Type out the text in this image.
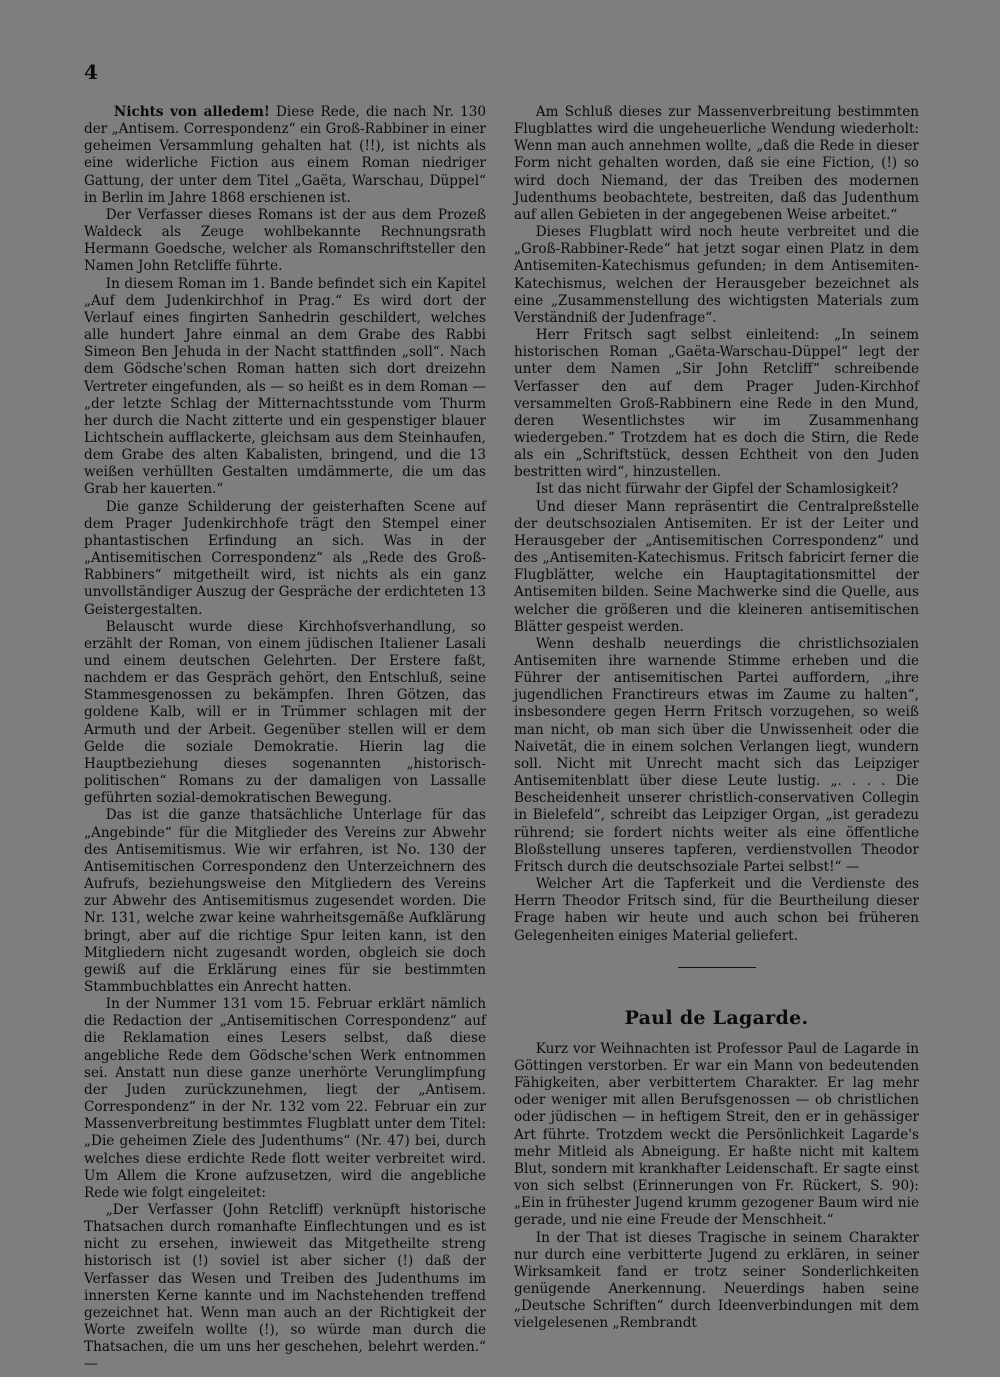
4

Nichts von alledem! Diese Rede, die nach Nr. 130 der „Antisem. Correspondenz“ ein Groß-Rabbiner in einer geheimen Versammlung gehalten hat (!!), ist nichts als eine widerliche Fiction aus einem Roman niedriger Gattung, der unter dem Titel „Gaëta, Warschau, Düppel“ in Berlin im Jahre 1868 erschienen ist.

Der Verfasser dieses Romans ist der aus dem Prozeß Waldeck als Zeuge wohlbekannte Rechnungsrath Hermann Goedsche, welcher als Romanschriftsteller den Namen John Retcliffe führte.

In diesem Roman im 1. Bande befindet sich ein Kapitel „Auf dem Judenkirchhof in Prag.“ Es wird dort der Verlauf eines fingirten Sanhedrin geschildert, welches alle hundert Jahre einmal an dem Grabe des Rabbi Simeon Ben Jehuda in der Nacht stattfinden „soll“. Nach dem Gödsche'schen Roman hatten sich dort dreizehn Vertreter eingefunden, als — so heißt es in dem Roman — „der letzte Schlag der Mitternachtsstunde vom Thurm her durch die Nacht zitterte und ein gespenstiger blauer Lichtschein aufflackerte, gleichsam aus dem Steinhaufen, dem Grabe des alten Kabalisten, bringend, und die 13 weißen verhüllten Gestalten umdämmerte, die um das Grab her kauerten.“

Die ganze Schilderung der geisterhaften Scene auf dem Prager Judenkirchhofe trägt den Stempel einer phantastischen Erfindung an sich. Was in der „Antisemitischen Correspondenz“ als „Rede des Groß-Rabbiners“ mitgetheilt wird, ist nichts als ein ganz unvollständiger Auszug der Gespräche der erdichteten 13 Geistergestalten.

Belauscht wurde diese Kirchhofsverhandlung, so erzählt der Roman, von einem jüdischen Italiener Lasali und einem deutschen Gelehrten. Der Erstere faßt, nachdem er das Gespräch gehört, den Entschluß, seine Stammesgenossen zu bekämpfen. Ihren Götzen, das goldene Kalb, will er in Trümmer schlagen mit der Armuth und der Arbeit. Gegenüber stellen will er dem Gelde die soziale Demokratie. Hierin lag die Hauptbeziehung dieses sogenannten „historisch-politischen“ Romans zu der damaligen von Lassalle geführten sozial-demokratischen Bewegung.

Das ist die ganze thatsächliche Unterlage für das „Angebinde“ für die Mitglieder des Vereins zur Abwehr des Antisemitismus. Wie wir erfahren, ist No. 130 der Antisemitischen Correspondenz den Unterzeichnern des Aufrufs, beziehungsweise den Mitgliedern des Vereins zur Abwehr des Antisemitismus zugesendet worden. Die Nr. 131, welche zwar keine wahrheitsgemäße Aufklärung bringt, aber auf die richtige Spur leiten kann, ist den Mitgliedern nicht zugesandt worden, obgleich sie doch gewiß auf die Erklärung eines für sie bestimmten Stammbuchblattes ein Anrecht hatten.

In der Nummer 131 vom 15. Februar erklärt nämlich die Redaction der „Antisemitischen Correspondenz“ auf die Reklamation eines Lesers selbst, daß diese angebliche Rede dem Gödsche'schen Werk entnommen sei. Anstatt nun diese ganze unerhörte Verunglimpfung der Juden zurückzunehmen, liegt der „Antisem. Correspondenz“ in der Nr. 132 vom 22. Februar ein zur Massenverbreitung bestimmtes Flugblatt unter dem Titel: „Die geheimen Ziele des Judenthums“ (Nr. 47) bei, durch welches diese erdichte Rede flott weiter verbreitet wird. Um Allem die Krone aufzusetzen, wird die angebliche Rede wie folgt eingeleitet:

„Der Verfasser (John Retcliff) verknüpft historische Thatsachen durch romanhafte Einflechtungen und es ist nicht zu ersehen, inwieweit das Mitgetheilte streng historisch ist (!) soviel ist aber sicher (!) daß der Verfasser das Wesen und Treiben des Judenthums im innersten Kerne kannte und im Nachstehenden treffend gezeichnet hat. Wenn man auch an der Richtigkeit der Worte zweifeln wollte (!), so würde man durch die Thatsachen, die um uns her geschehen, belehrt werden.“ —

Am Schluß dieses zur Massenverbreitung bestimmten Flugblattes wird die ungeheuerliche Wendung wiederholt: Wenn man auch annehmen wollte, „daß die Rede in dieser Form nicht gehalten worden, daß sie eine Fiction, (!) so wird doch Niemand, der das Treiben des modernen Judenthums beobachtete, bestreiten, daß das Judenthum auf allen Gebieten in der angegebenen Weise arbeitet.“

Dieses Flugblatt wird noch heute verbreitet und die „Groß-Rabbiner-Rede“ hat jetzt sogar einen Platz in dem Antisemiten-Katechismus gefunden; in dem Antisemiten-Katechismus, welchen der Herausgeber bezeichnet als eine „Zusammenstellung des wichtigsten Materials zum Verständniß der Judenfrage“.

Herr Fritsch sagt selbst einleitend: „In seinem historischen Roman „Gaëta-Warschau-Düppel“ legt der unter dem Namen „Sir John Retcliff“ schreibende Verfasser den auf dem Prager Juden-Kirchhof versammelten Groß-Rabbinern eine Rede in den Mund, deren Wesentlichstes wir im Zusammenhang wiedergeben.“ Trotzdem hat es doch die Stirn, die Rede als ein „Schriftstück, dessen Echtheit von den Juden bestritten wird“, hinzustellen.

Ist das nicht fürwahr der Gipfel der Schamlosigkeit?

Und dieser Mann repräsentirt die Centralpreßstelle der deutschsozialen Antisemiten. Er ist der Leiter und Herausgeber der „Antisemitischen Correspondenz“ und des „Antisemiten-Katechismus. Fritsch fabricirt ferner die Flugblätter, welche ein Hauptagitationsmittel der Antisemiten bilden. Seine Machwerke sind die Quelle, aus welcher die größeren und die kleineren antisemitischen Blätter gespeist werden.

Wenn deshalb neuerdings die christlichsozialen Antisemiten ihre warnende Stimme erheben und die Führer der antisemitischen Partei auffordern, „ihre jugendlichen Franctireurs etwas im Zaume zu halten“, insbesondere gegen Herrn Fritsch vorzugehen, so weiß man nicht, ob man sich über die Unwissenheit oder die Naivetät, die in einem solchen Verlangen liegt, wundern soll. Nicht mit Unrecht macht sich das Leipziger Antisemitenblatt über diese Leute lustig. „. . . . Die Bescheidenheit unserer christlich-conservativen Collegin in Bielefeld“, schreibt das Leipziger Organ, „ist geradezu rührend; sie fordert nichts weiter als eine öffentliche Bloßstellung unseres tapferen, verdienstvollen Theodor Fritsch durch die deutschsoziale Partei selbst!“ —

Welcher Art die Tapferkeit und die Verdienste des Herrn Theodor Fritsch sind, für die Beurtheilung dieser Frage haben wir heute und auch schon bei früheren Gelegenheiten einiges Material geliefert.

Paul de Lagarde.

Kurz vor Weihnachten ist Professor Paul de Lagarde in Göttingen verstorben. Er war ein Mann von bedeutenden Fähigkeiten, aber verbittertem Charakter. Er lag mehr oder weniger mit allen Berufsgenossen — ob christlichen oder jüdischen — in heftigem Streit, den er in gehässiger Art führte. Trotzdem weckt die Persönlichkeit Lagarde's mehr Mitleid als Abneigung. Er haßte nicht mit kaltem Blut, sondern mit krankhafter Leidenschaft. Er sagte einst von sich selbst (Erinnerungen von Fr. Rückert, S. 90): „Ein in frühester Jugend krumm gezogener Baum wird nie gerade, und nie eine Freude der Menschheit.“

In der That ist dieses Tragische in seinem Charakter nur durch eine verbitterte Jugend zu erklären, in seiner Wirksamkeit fand er trotz seiner Sonderlichkeiten genügende Anerkennung. Neuerdings haben seine „Deutsche Schriften“ durch Ideenverbindungen mit dem vielgelesenen „Rembrandt
